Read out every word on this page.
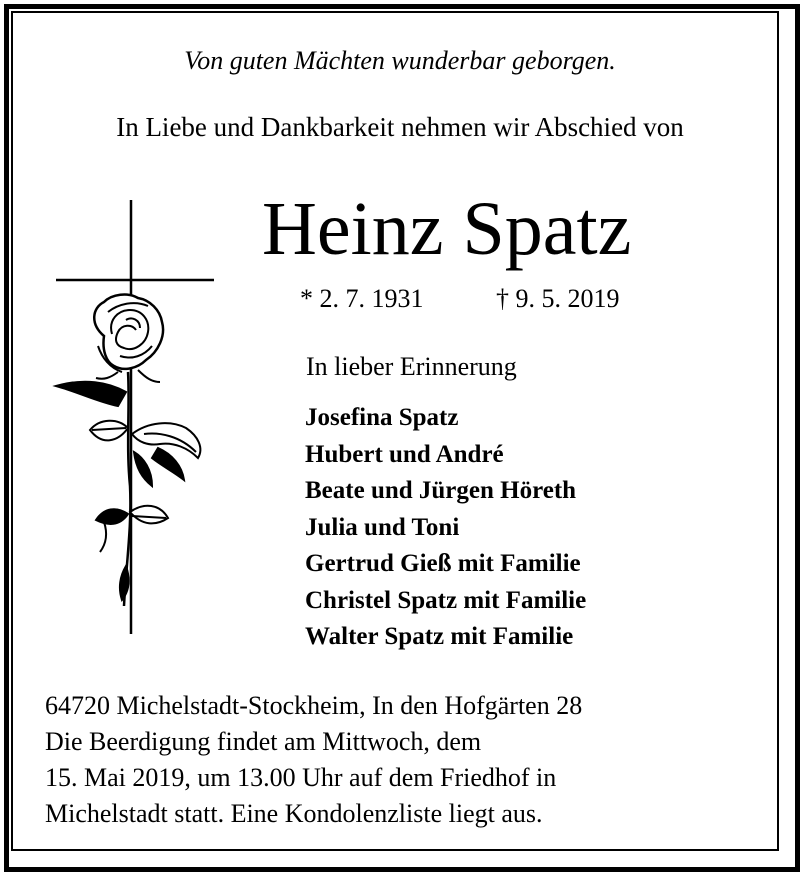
Von guten Mächten wunderbar geborgen.
In Liebe und Dankbarkeit nehmen wir Abschied von
Heinz Spatz
* 2. 7. 1931	† 9. 5. 2019
In lieber Erinnerung
Josefina Spatz
Hubert und André
Beate und Jürgen Höreth
Julia und Toni
Gertrud Gieß mit Familie
Christel Spatz mit Familie
Walter Spatz mit Familie
64720 Michelstadt-Stockheim, In den Hofgärten 28
Die Beerdigung findet am Mittwoch, dem
15. Mai 2019, um 13.00 Uhr auf dem Friedhof in
Michelstadt statt. Eine Kondolenzliste liegt aus.
